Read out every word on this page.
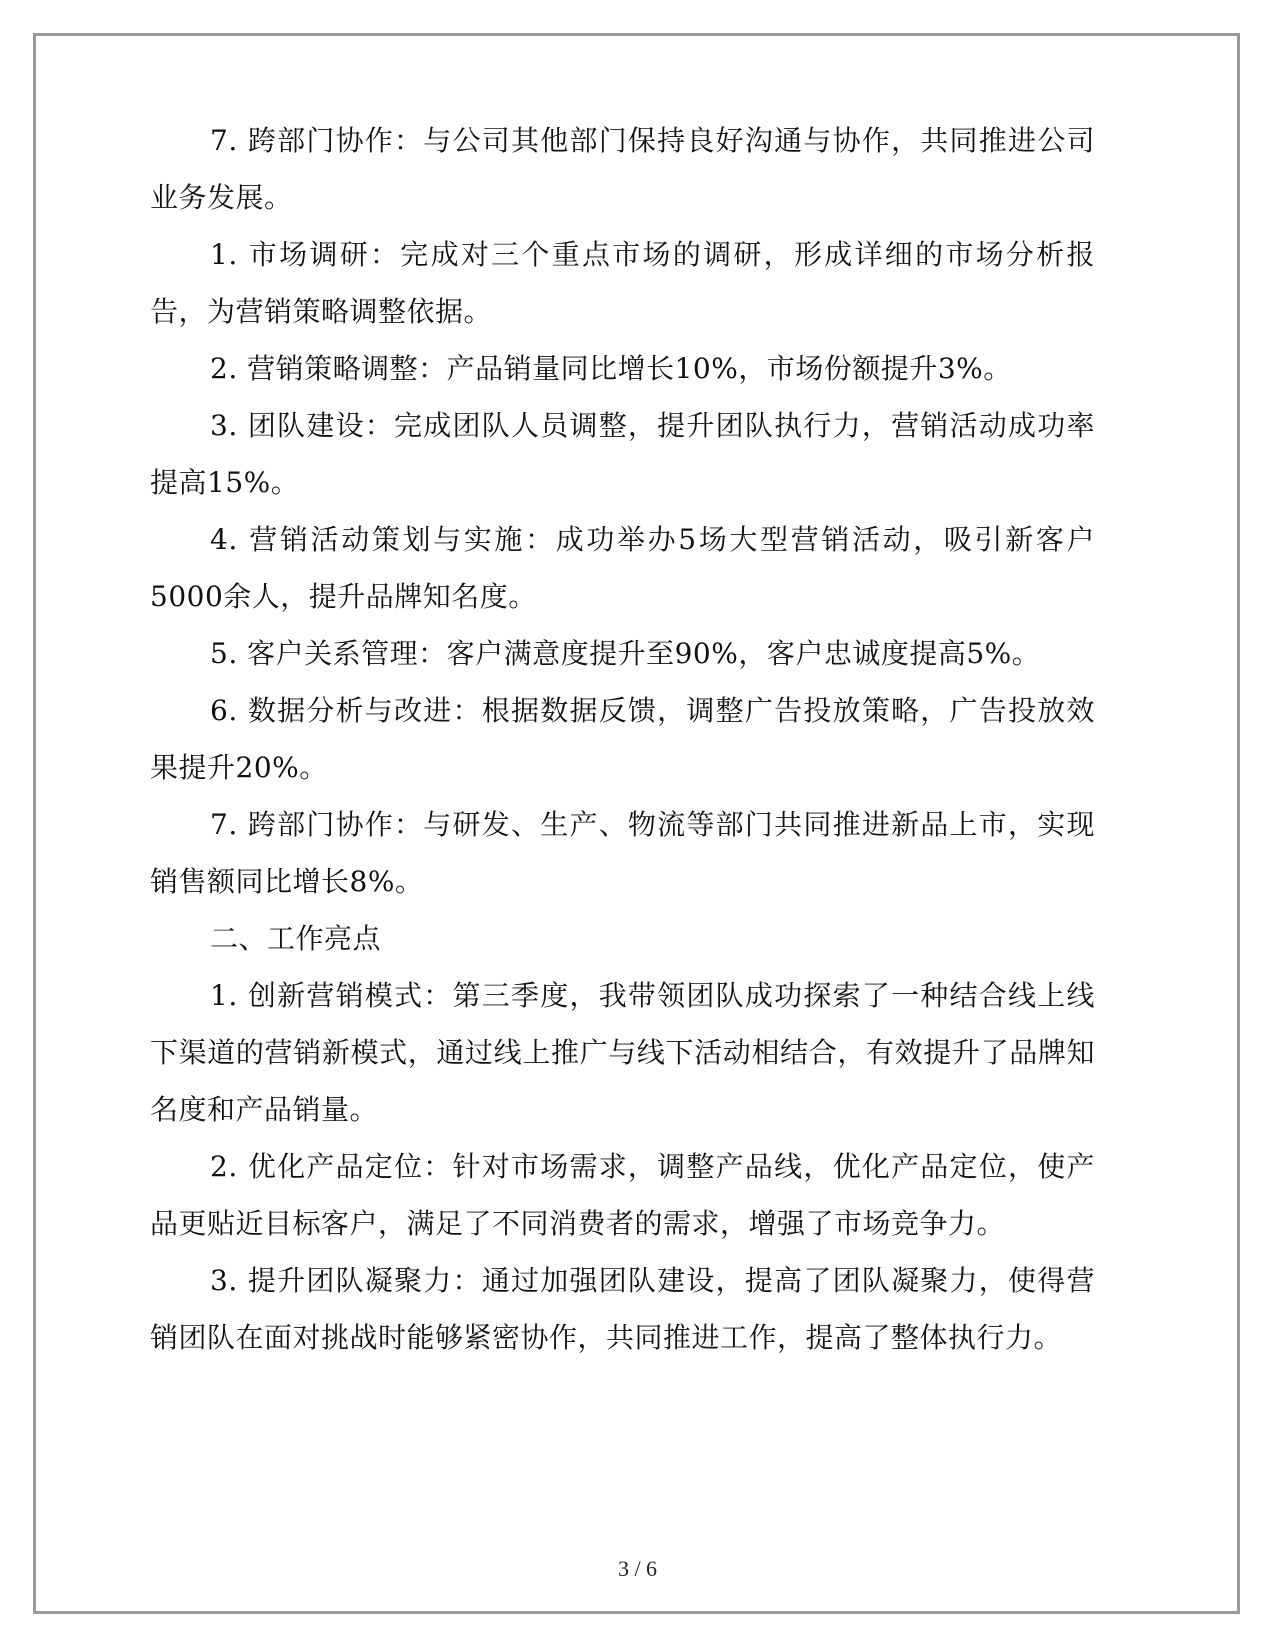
7. 跨部门协作：与公司其他部门保持良好沟通与协作，共同推进公司业务发展。

1. 市场调研：完成对三个重点市场的调研，形成详细的市场分析报告，为营销策略调整依据。

2. 营销策略调整：产品销量同比增长10%，市场份额提升3%。

3. 团队建设：完成团队人员调整，提升团队执行力，营销活动成功率提高15%。

4. 营销活动策划与实施：成功举办5场大型营销活动，吸引新客户5000余人，提升品牌知名度。

5. 客户关系管理：客户满意度提升至90%，客户忠诚度提高5%。

6. 数据分析与改进：根据数据反馈，调整广告投放策略，广告投放效果提升20%。

7. 跨部门协作：与研发、生产、物流等部门共同推进新品上市，实现销售额同比增长8%。

二、工作亮点

1. 创新营销模式：第三季度，我带领团队成功探索了一种结合线上线下渠道的营销新模式，通过线上推广与线下活动相结合，有效提升了品牌知名度和产品销量。

2. 优化产品定位：针对市场需求，调整产品线，优化产品定位，使产品更贴近目标客户，满足了不同消费者的需求，增强了市场竞争力。

3. 提升团队凝聚力：通过加强团队建设，提高了团队凝聚力，使得营销团队在面对挑战时能够紧密协作，共同推进工作，提高了整体执行力。

3 / 6
